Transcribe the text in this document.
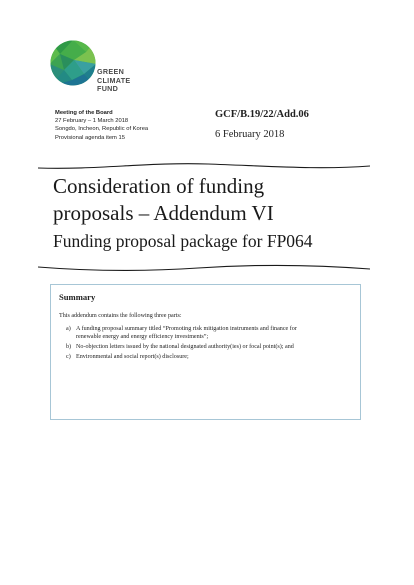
GREEN
CLIMATE
FUND
Meeting of the Board
27 February – 1 March 2018
Songdo, Incheon, Republic of Korea
Provisional agenda item 15
GCF/B.19/22/Add.06
6 February 2018
Consideration of funding
proposals – Addendum VI
Funding proposal package for FP064
Summary
This addendum contains the following three parts:
a) A funding proposal summary titled “Promoting risk mitigation instruments and finance for renewable energy and energy efficiency investments”;
b) No-objection letters issued by the national designated authority(ies) or focal point(s); and
c) Environmental and social report(s) disclosure;
